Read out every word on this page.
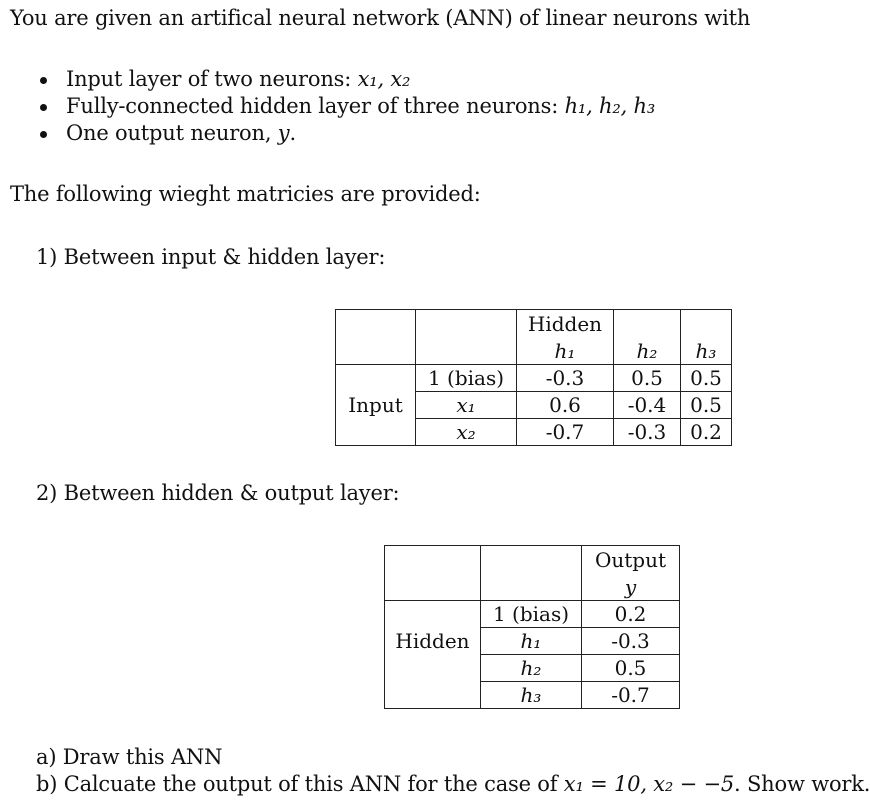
You are given an artifical neural network (ANN) of linear neurons with
Input layer of two neurons: x₁, x₂
Fully-connected hidden layer of three neurons: h₁, h₂, h₃
One output neuron, y.
The following wieght matricies are provided:
1) Between input & hidden layer:
		Hidden		
		h₁	h₂	h₃
	1 (bias)	-0.3	0.5	0.5
Input	x₁	0.6	-0.4	0.5
	x₂	-0.7	-0.3	0.2
2) Between hidden & output layer:
		Output
		y
	1 (bias)	0.2
Hidden	h₁	-0.3
	h₂	0.5
	h₃	-0.7
a) Draw this ANN
b) Calcuate the output of this ANN for the case of x₁ = 10, x₂ − −5. Show work.
